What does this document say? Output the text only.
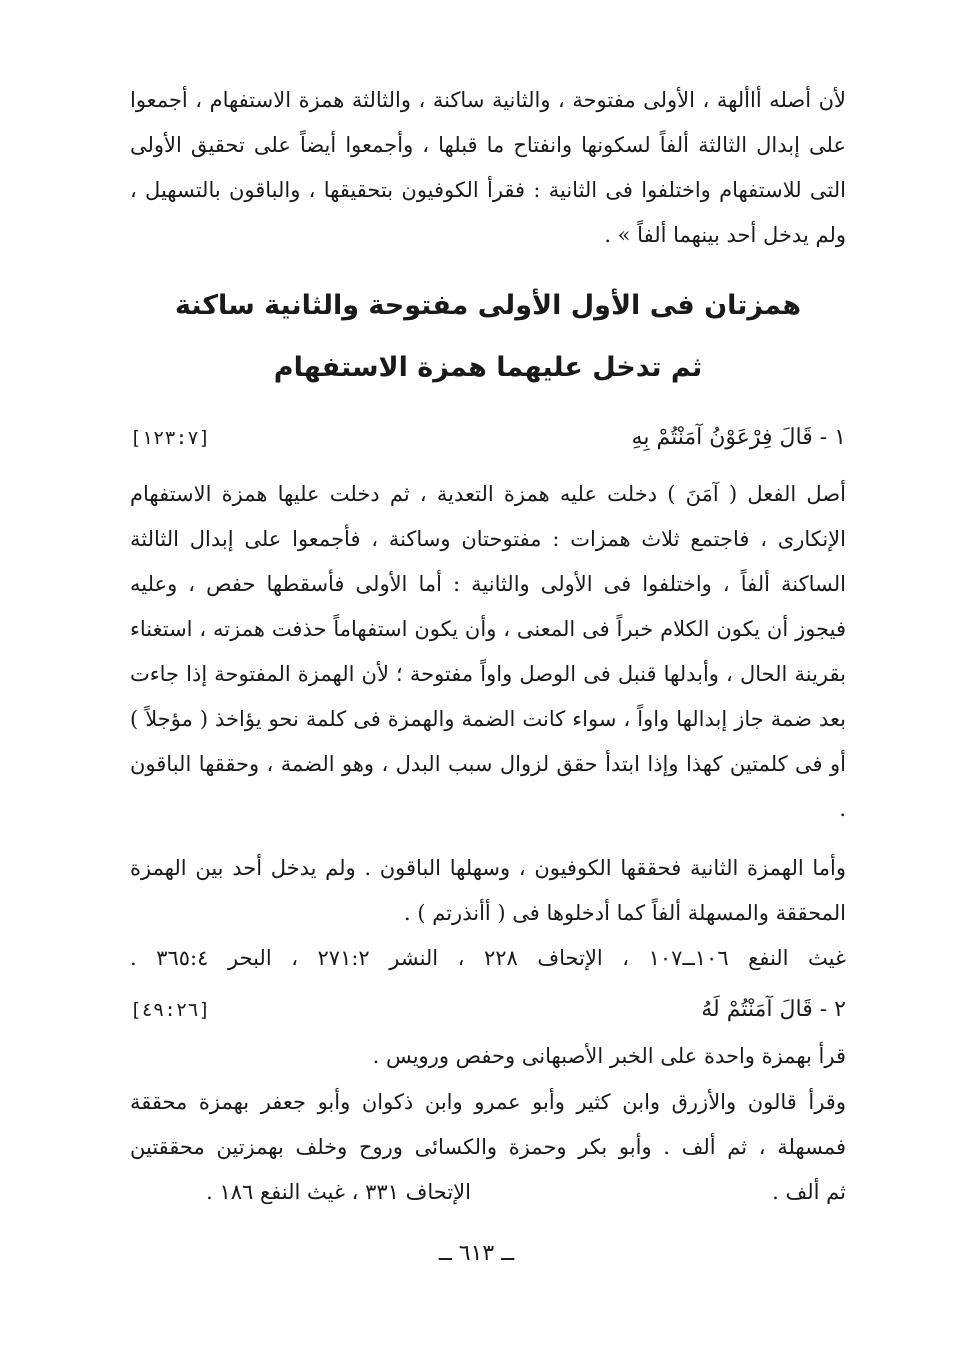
لأن أصله أاألهة ، الأولى مفتوحة ، والثانية ساكنة ، والثالثة همزة الاستفهام ، أجمعوا على إبدال الثالثة ألفاً لسكونها وانفتاح ما قبلها ، وأجمعوا أيضاً على تحقيق الأولى التى للاستفهام واختلفوا فى الثانية : فقرأ الكوفيون بتحقيقها ، والباقون بالتسهيل ، ولم يدخل أحد بينهما ألفاً » .

همزتان فى الأول الأولى مفتوحة والثانية ساكنة
ثم تدخل عليهما همزة الاستفهام
١ - قَالَ فِرْعَوْنُ آمَنْتُمْ بِهِ
[١٢٣:٧]

أصل الفعل ( آمَنَ ) دخلت عليه همزة التعدية ، ثم دخلت عليها همزة الاستفهام الإنكارى ، فاجتمع ثلاث همزات : مفتوحتان وساكنة ، فأجمعوا على إبدال الثالثة الساكنة ألفاً ، واختلفوا فى الأولى والثانية : أما الأولى فأسقطها حفص ، وعليه فيجوز أن يكون الكلام خبراً فى المعنى ، وأن يكون استفهاماً حذفت همزته ، استغناء بقرينة الحال ، وأبدلها قنبل فى الوصل واواً مفتوحة ؛ لأن الهمزة المفتوحة إذا جاءت بعد ضمة جاز إبدالها واواً ، سواء كانت الضمة والهمزة فى كلمة نحو يؤاخذ ( مؤجلاً ) أو فى كلمتين كهذا وإذا ابتدأ حقق لزوال سبب البدل ، وهو الضمة ، وحققها الباقون .

وأما الهمزة الثانية فحققها الكوفيون ، وسهلها الباقون . ولم يدخل أحد بين الهمزة المحققة والمسهلة ألفاً كما أدخلوها فى ( أأنذرتم ) .

غيث النفع ١٠٦ــ١٠٧ ، الإتحاف ٢٢٨ ، النشر ٢٧١:٢ ، البحر ٣٦٥:٤ .
٢ - قَالَ آمَنْتُمْ لَهُ
[٤٩:٢٦]

قرأ بهمزة واحدة على الخبر الأصبهانى وحفص ورويس .

وقرأ قالون والأزرق وابن كثير وأبو عمرو وابن ذكوان وأبو جعفر بهمزة محققة فمسهلة ، ثم ألف . وأبو بكر وحمزة والكسائى وروح وخلف بهمزتين محققتين

ثم ألف .
الإتحاف ٣٣١ ، غيث النفع ١٨٦ .
ــ ٦١٣ ــ
